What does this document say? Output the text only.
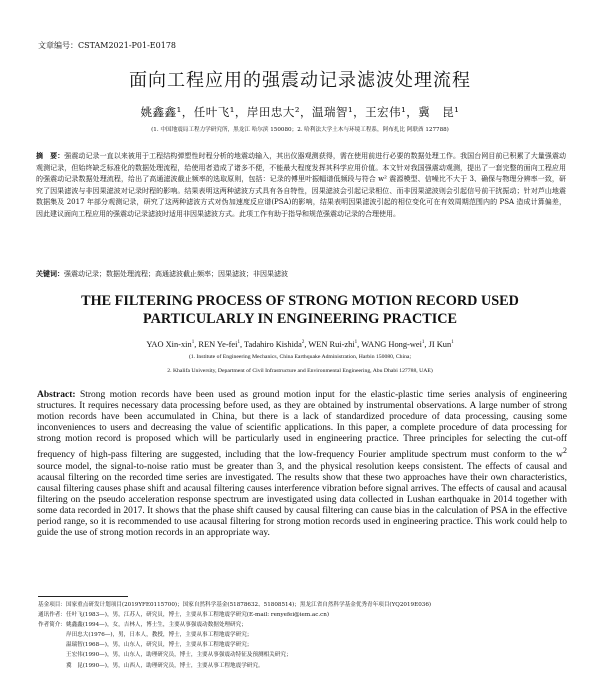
文章编号：CSTAM2021-P01-E0178
面向工程应用的强震动记录滤波处理流程
姚鑫鑫¹，任叶飞¹，岸田忠大²，温瑞智¹，王宏伟¹，冀　昆¹
(1. 中国地震局工程力学研究所，黑龙江 哈尔滨 150080；2. 哈利法大学土木与环境工程系，阿布扎比 阿联酋 127788)
摘　要：强震动记录一直以来被用于工程结构弹塑性时程分析的地震动输入，其出仪器观测获得，需在使用前进行必要的数据处理工作。我国台网目前已积累了大量强震动观测记录，但始终缺乏标准化的数据处理流程，给使用者造成了诸多不便，不能最大程度发挥其科学应用价值。本文针对我国强震动观测，提出了一套完整的面向工程应用的强震动记录数据处理流程，给出了高通滤波截止频率的选取原则，包括：记录的傅里叶振幅谱低频段与符合 w² 震源模型、信噪比不大于 3、确保与物理分辨率一致，研究了因果滤波与非因果滤波对记录时程的影响。结果表明这两种滤波方式具有各自特性，因果滤波会引起记录相位、而非因果滤波则会引起信号前干扰振动；针对芦山地震数据集及 2017 年部分观测记录，研究了这两种滤波方式对伪加速度反应谱(PSA)的影响，结果表明因果滤波引起的相位变化可在有效周期范围内的 PSA 造成计算偏差，因此建议面向工程应用的强震动记录滤波时适用非因果滤波方式。此项工作有助于指导和规范强震动记录的合理使用。
关键词：强震动记录；数据处理流程；高通滤波截止频率；因果滤波；非因果滤波
THE FILTERING PROCESS OF STRONG MOTION RECORD USED
PARTICULARLY IN ENGINEERING PRACTICE
YAO Xin-xin$^1$, REN Ye-fei$^1$, Tadahiro Kishida$^2$, WEN Rui-zhi$^1$, WANG Hong-wei$^1$, JI Kun$^1$
(1. Institute of Engineering Mechanics, China Earthquake Administration, Harbin 150080, China;
2. Khalifa University, Department of Civil Infrastructure and Environmental Engineering, Abu Dhabi 127788, UAE)
Abstract: Strong motion records have been used as ground motion input for the elastic-plastic time series analysis of engineering structures. It requires necessary data processing before used, as they are obtained by instrumental observations. A large number of strong motion records have been accumulated in China, but there is a lack of standardized procedure of data processing, causing some inconveniences to users and decreasing the value of scientific applications. In this paper, a complete procedure of data processing for strong motion record is proposed which will be particularly used in engineering practice. Three principles for selecting the cut-off frequency of high-pass filtering are suggested, including that the low-frequency Fourier amplitude spectrum must conform to the $w^2$ source model, the signal-to-noise ratio must be greater than 3, and the physical resolution keeps consistent. The effects of causal and acausal filtering on the recorded time series are investigated. The results show that these two approaches have their own characteristics, causal filtering causes phase shift and acausal filtering causes interference vibration before signal arrives. The effects of causal and acausal filtering on the pseudo acceleration response spectrum are investigated using data collected in Lushan earthquake in 2014 together with some data recorded in 2017. It shows that the phase shift caused by causal filtering can cause bias in the calculation of PSA in the effective period range, so it is recommended to use acausal filtering for strong motion records used in engineering practice. This work could help to guide the use of strong motion records in an appropriate way.
基金项目：国家重点研发计划项目(2019YFE0115700)；国家自然科学基金(51878632、51808514)；黑龙江省自然科学基金优秀青年项目(YQ2019E036)
通讯作者：任叶飞(1983—)，男，江苏人，研究员，博士，主要从事工程地震学研究(E-mail: renyefei@iem.ac.cn)
作者简介：姚鑫鑫(1994—)，女，吉林人，博士生，主要从事强震动数据处理研究；
　　　　　岸田忠大(1976—)，男，日本人，教授，博士，主要从事工程地震学研究；
　　　　　温瑞智(1968—)，男，山东人，研究员，博士，主要从事工程地震学研究；
　　　　　王宏伟(1990—)，男，山东人，助理研究员，博士，主要从事强震动特征及预测相关研究；
　　　　　冀　昆(1990—)，男，山西人，助理研究员，博士，主要从事工程地震学研究。
